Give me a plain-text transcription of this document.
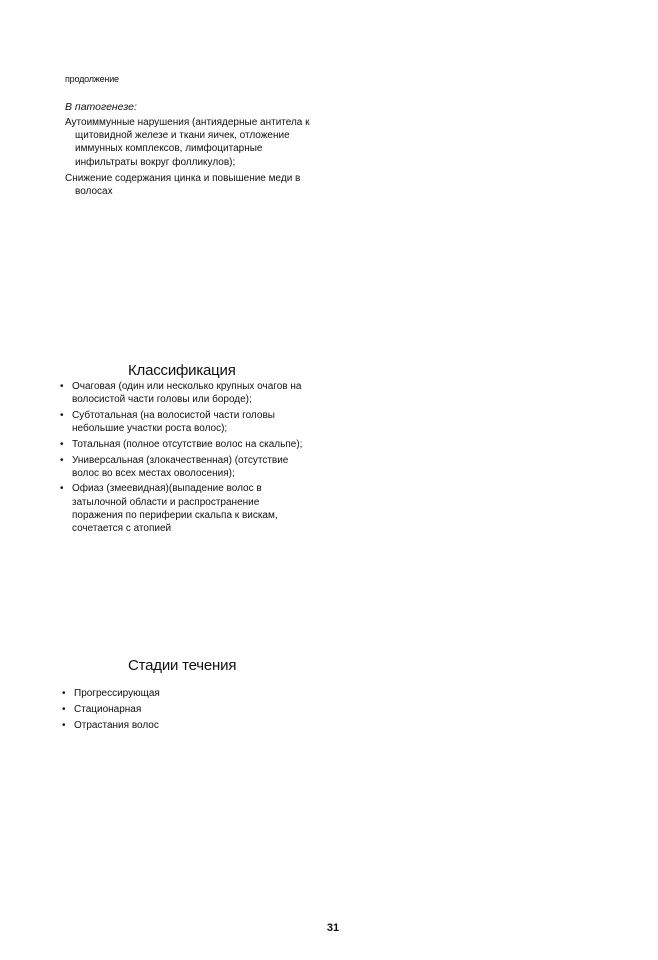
продолжение
В патогенезе:
Аутоиммунные нарушения (антиядерные антитела к щитовидной железе и ткани яичек, отложение иммунных комплексов, лимфоцитарные инфильтраты вокруг фолликулов);
Снижение содержания цинка и повышение меди в волосах
Классификация
• Очаговая (один или несколько крупных очагов на волосистой части головы или бороде);
• Субтотальная (на волосистой части головы небольшие участки роста волос);
• Тотальная (полное отсутствие волос на скальпе);
• Универсальная (злокачественная) (отсутствие волос во всех местах оволосения);
• Офиаз (змеевидная)(выпадение волос в затылочной области и распространение поражения по периферии скальпа к вискам, сочетается с атопией
Стадии течения
• Прогрессирующая
• Стационарная
• Отрастания волос
31
